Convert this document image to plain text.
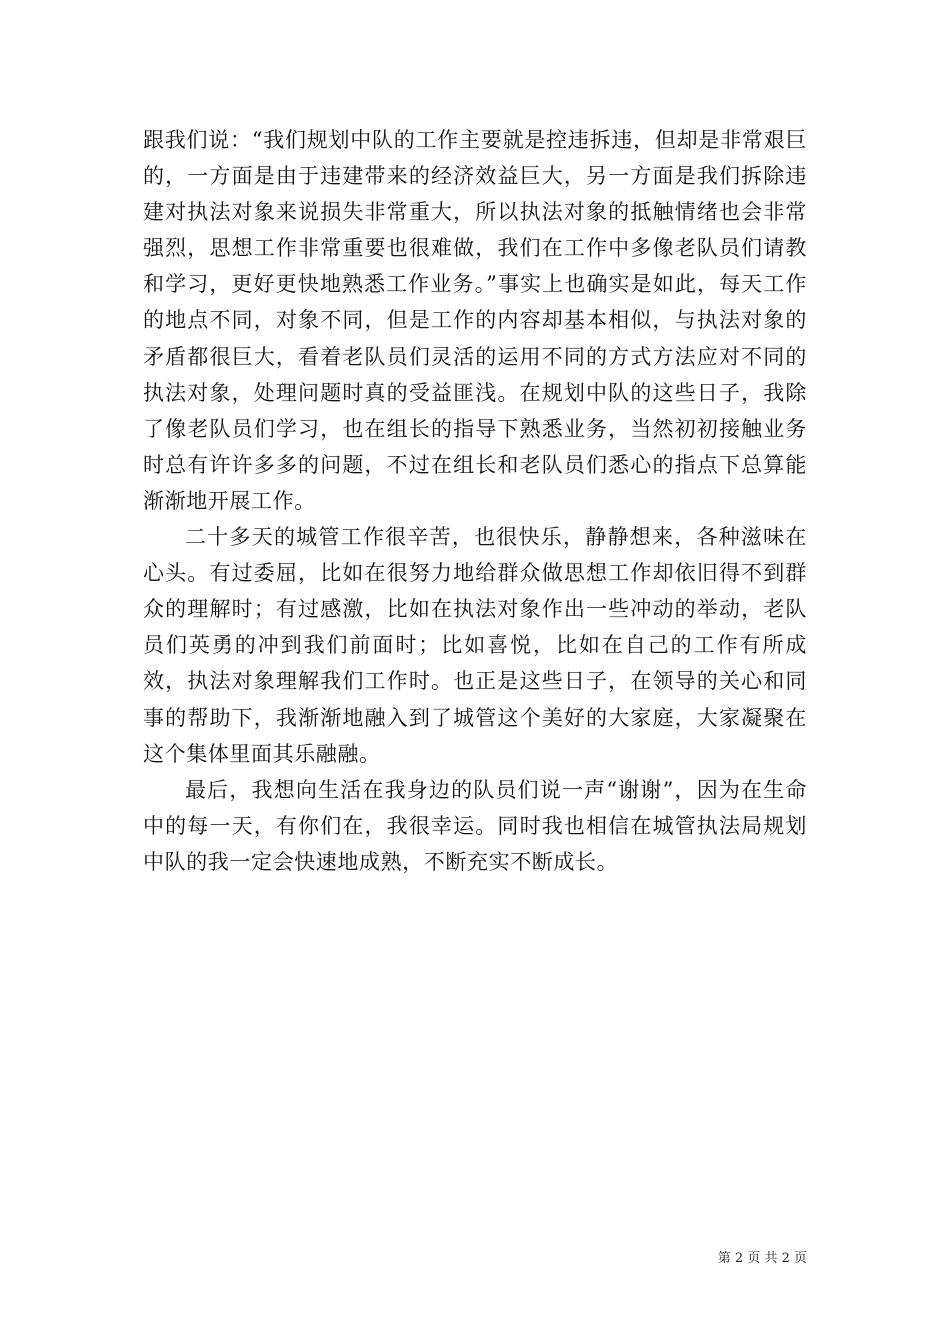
跟我们说：“我们规划中队的工作主要就是控违拆违，但却是非常艰巨的，一方面是由于违建带来的经济效益巨大，另一方面是我们拆除违建对执法对象来说损失非常重大，所以执法对象的抵触情绪也会非常强烈，思想工作非常重要也很难做，我们在工作中多像老队员们请教和学习，更好更快地熟悉工作业务。”事实上也确实是如此，每天工作的地点不同，对象不同，但是工作的内容却基本相似，与执法对象的矛盾都很巨大，看着老队员们灵活的运用不同的方式方法应对不同的执法对象，处理问题时真的受益匪浅。在规划中队的这些日子，我除了像老队员们学习，也在组长的指导下熟悉业务，当然初初接触业务时总有许许多多的问题，不过在组长和老队员们悉心的指点下总算能渐渐地开展工作。

二十多天的城管工作很辛苦，也很快乐，静静想来，各种滋味在心头。有过委屈，比如在很努力地给群众做思想工作却依旧得不到群众的理解时；有过感激，比如在执法对象作出一些冲动的举动，老队员们英勇的冲到我们前面时；比如喜悦，比如在自己的工作有所成效，执法对象理解我们工作时。也正是这些日子，在领导的关心和同事的帮助下，我渐渐地融入到了城管这个美好的大家庭，大家凝聚在这个集体里面其乐融融。

最后，我想向生活在我身边的队员们说一声“谢谢”，因为在生命中的每一天，有你们在，我很幸运。同时我也相信在城管执法局规划中队的我一定会快速地成熟，不断充实不断成长。

第 2 页 共 2 页
